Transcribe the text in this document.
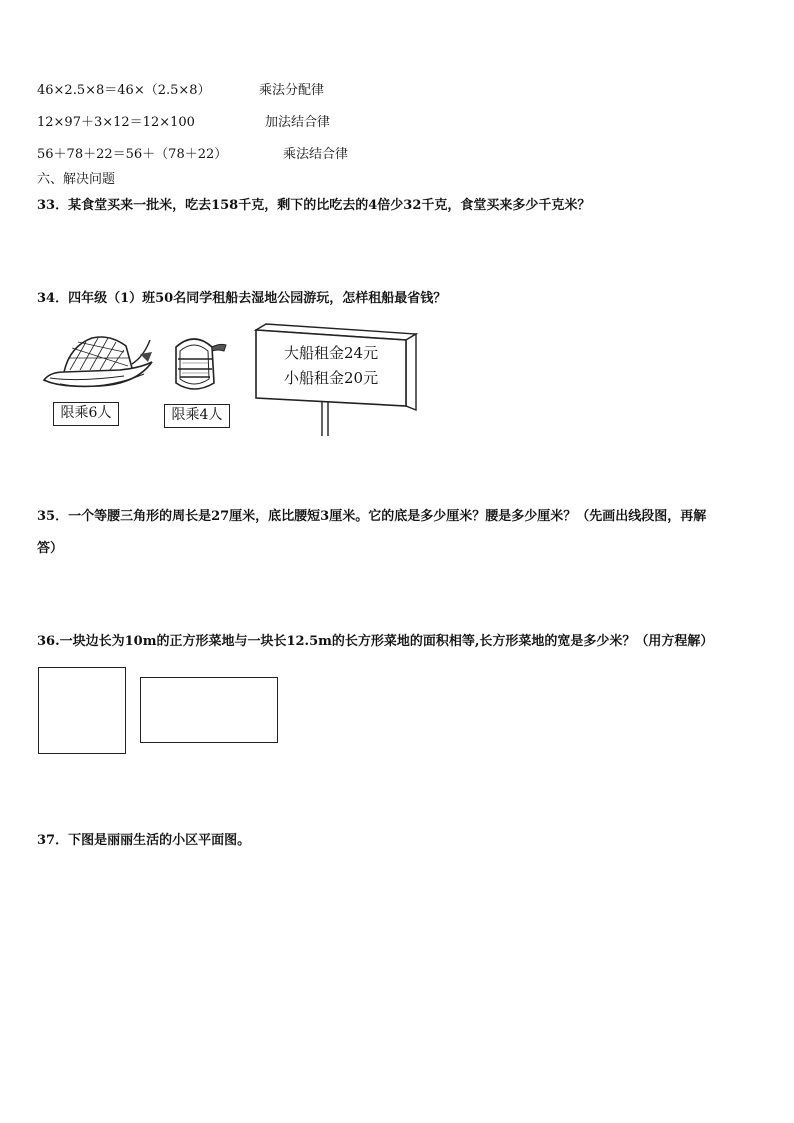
46×2.5×8＝46×（2.5×8）	乘法分配律
12×97＋3×12＝12×100	加法结合律
56＋78＋22＝56＋（78＋22）	乘法结合律
六、解决问题
33．某食堂买来一批米，吃去158千克，剩下的比吃去的4倍少32千克，食堂买来多少千克米？
34．四年级（1）班50名同学租船去湿地公园游玩，怎样租船最省钱？
限乘6人	限乘4人
大船租金24元
小船租金20元
35．一个等腰三角形的周长是27厘米，底比腰短3厘米。它的底是多少厘米？腰是多少厘米？（先画出线段图，再解
答）
36.一块边长为10m的正方形菜地与一块长12.5m的长方形菜地的面积相等,长方形菜地的宽是多少米？（用方程解）
37．下图是丽丽生活的小区平面图。
